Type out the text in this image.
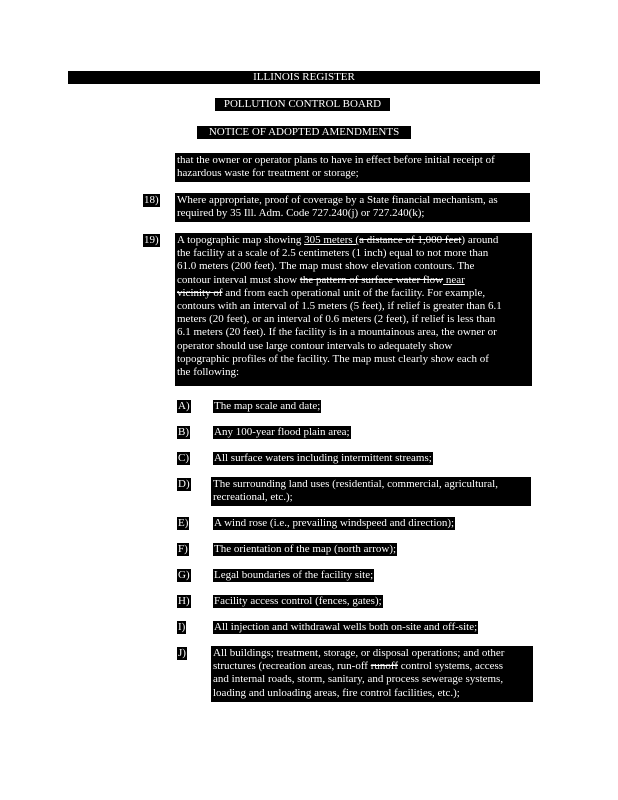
ILLINOIS REGISTER
POLLUTION CONTROL BOARD
NOTICE OF ADOPTED AMENDMENTS
that the owner or operator plans to have in effect before initial receipt of
hazardous waste for treatment or storage;
18) Where appropriate, proof of coverage by a State financial mechanism, as
required by 35 Ill. Adm. Code 727.240(j) or 727.240(k);
19) A topographic map showing 305 meters (a distance of 1,000 feet) around
the facility at a scale of 2.5 centimeters (1 inch) equal to not more than
61.0 meters (200 feet). The map must show elevation contours. The
contour interval must show the pattern of surface water flow near
vicinity of and from each operational unit of the facility. For example,
contours with an interval of 1.5 meters (5 feet), if relief is greater than 6.1
meters (20 feet), or an interval of 0.6 meters (2 feet), if relief is less than
6.1 meters (20 feet). If the facility is in a mountainous area, the owner or
operator should use large contour intervals to adequately show
topographic profiles of the facility. The map must clearly show each of
the following:
A) The map scale and date;
B) Any 100-year flood plain area;
C) All surface waters including intermittent streams;
D) The surrounding land uses (residential, commercial, agricultural,
recreational, etc.);
E) A wind rose (i.e., prevailing windspeed and direction);
F) The orientation of the map (north arrow);
G) Legal boundaries of the facility site;
H) Facility access control (fences, gates);
I)	All injection and withdrawal wells both on-site and off-site;
J) All buildings; treatment, storage, or disposal operations; and other
structures (recreation areas, run-off runoff control systems, access
and internal roads, storm, sanitary, and process sewerage systems,
loading and unloading areas, fire control facilities, etc.);
